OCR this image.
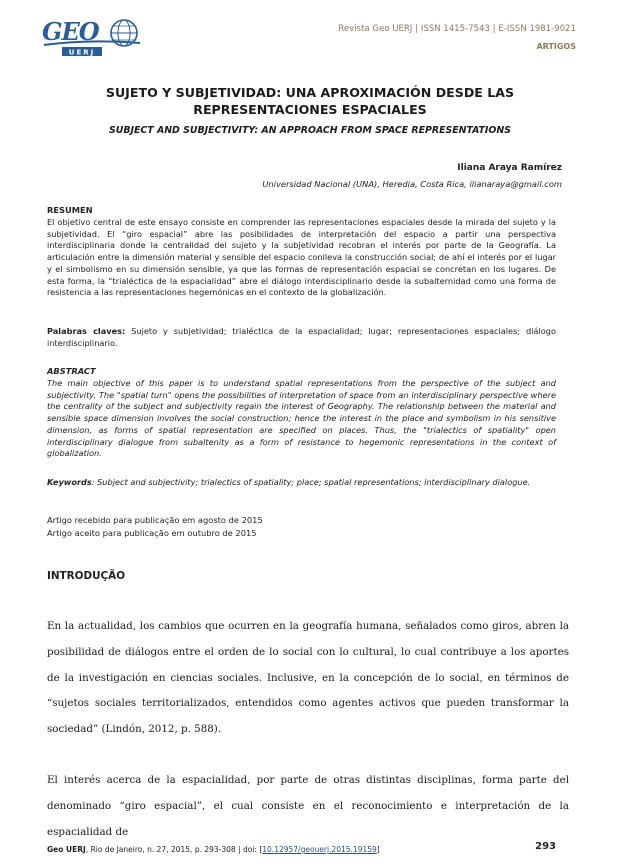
GEO
UERJ
Revista Geo UERJ | ISSN 1415-7543 | E-ISSN 1981-9021
ARTIGOS
SUJETO Y SUBJETIVIDAD: UNA APROXIMACIÓN DESDE LAS REPRESENTACIONES ESPACIALES
SUBJECT AND SUBJECTIVITY: AN APPROACH FROM SPACE REPRESENTATIONS
Iliana Araya Ramírez
Universidad Nacional (UNA), Heredia, Costa Rica, ilianaraya@gmail.com
RESUMEN

El objetivo central de este ensayo consiste en comprender las representaciones espaciales desde la mirada del sujeto y la subjetividad. El “giro espacial” abre las posibilidades de interpretación del espacio a partir una perspectiva interdisciplinaria donde la centralidad del sujeto y la subjetividad recobran el interés por parte de la Geografía. La articulación entre la dimensión material y sensible del espacio conlleva la construcción social; de ahí el interés por el lugar y el simbolismo en su dimensión sensible, ya que las formas de representación espacial se concretan en los lugares. De esta forma, la “trialéctica de la espacialidad” abre el diálogo interdisciplinario desde la subalternidad como una forma de resistencia a las representaciones hegemónicas en el contexto de la globalización.

Palabras claves: Sujeto y subjetividad; trialéctica de la espacialidad; lugar; representaciones espaciales; diálogo interdisciplinario.

ABSTRACT

The main objective of this paper is to understand spatial representations from the perspective of the subject and subjectivity. The "spatial turn" opens the possibilities of interpretation of space from an interdisciplinary perspective where the centrality of the subject and subjectivity regain the interest of Geography. The relationship between the material and sensible space dimension involves the social construction; hence the interest in the place and symbolism in his sensitive dimension, as forms of spatial representation are specified on places. Thus, the "trialectics of spatiality" open interdisciplinary dialogue from subaltenity as a form of resistance to hegemonic representations in the context of globalization.

Keywords: Subject and subjectivity; trialectics of spatiality; place; spatial representations; interdisciplinary dialogue.

Artigo recebido para publicação em agosto de 2015
Artigo aceito para publicação em outubro de 2015
INTRODUÇÃO

En la actualidad, los cambios que ocurren en la geografía humana, señalados como giros, abren la posibilidad de diálogos entre el orden de lo social con lo cultural, lo cual contribuye a los aportes de la investigación en ciencias sociales. Inclusive, en la concepción de lo social, en términos de “sujetos sociales territorializados, entendidos como agentes activos que pueden transformar la sociedad” (Lindón, 2012, p. 588).

El interés acerca de la espacialidad, por parte de otras distintas disciplinas, forma parte del denominado “giro espacial”, el cual consiste en el reconocimiento e interpretación de la espacialidad de

Geo UERJ, Rio de Janeiro, n. 27, 2015, p. 293-308 | doi: [10.12957/geouerj.2015.19159]	293
